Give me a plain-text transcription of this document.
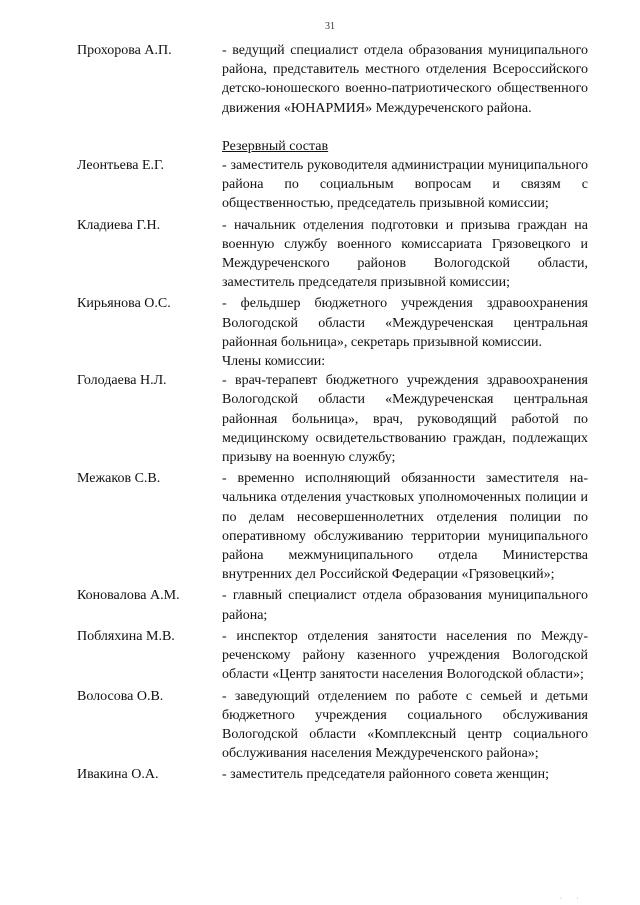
31
Прохорова А.П.	- ведущий специалист отдела образования муниципального района, представитель местного отделения Всероссийского детско-юношеского военно-патриотического общественного движения «ЮНАРМИЯ» Междуреченского района.
Резервный состав
Леонтьева Е.Г.	- заместитель руководителя администрации муниципального района по социальным вопросам и связям с общественностью, председатель призывной комиссии;
Кладиева Г.Н.	- начальник отделения подготовки и призыва граждан на военную службу военного комиссариата Грязовецкого и Междуреченского районов Вологодской области, заместитель председателя призывной комиссии;
Кирьянова О.С.	- фельдшер бюджетного учреждения здравоохранения Вологодской области «Междуреченская центральная районная больница», секретарь призывной комиссии.
Члены комиссии:
Голодаева Н.Л.	- врач-терапевт бюджетного учреждения здравоохранения Вологодской области «Междуреченская центральная районная больница», врач, руководящий работой по медицинскому освидетельствованию граждан, подлежащих призыву на военную службу;
Межаков С.В.	- временно исполняющий обязанности заместителя начальника отделения участковых уполномоченных полиции и по делам несовершеннолетних отделения полиции по оперативному обслуживанию территории муниципального района межмуниципального отдела Министерства внутренних дел Российской Федерации «Грязовецкий»;
Коновалова А.М.	- главный специалист отдела образования муниципального района;
Побляхина М.В.	- инспектор отделения занятости населения по Междуреченскому району казенного учреждения Вологодской области «Центр занятости населения Вологодской области»;
Волосова О.В.	- заведующий отделением по работе с семьей и детьми бюджетного учреждения социального обслуживания Вологодской области «Комплексный центр социального обслуживания населения Междуреченского района»;
Ивакина О.А.	- заместитель председателя районного совета женщин;
ˌ ˌ
